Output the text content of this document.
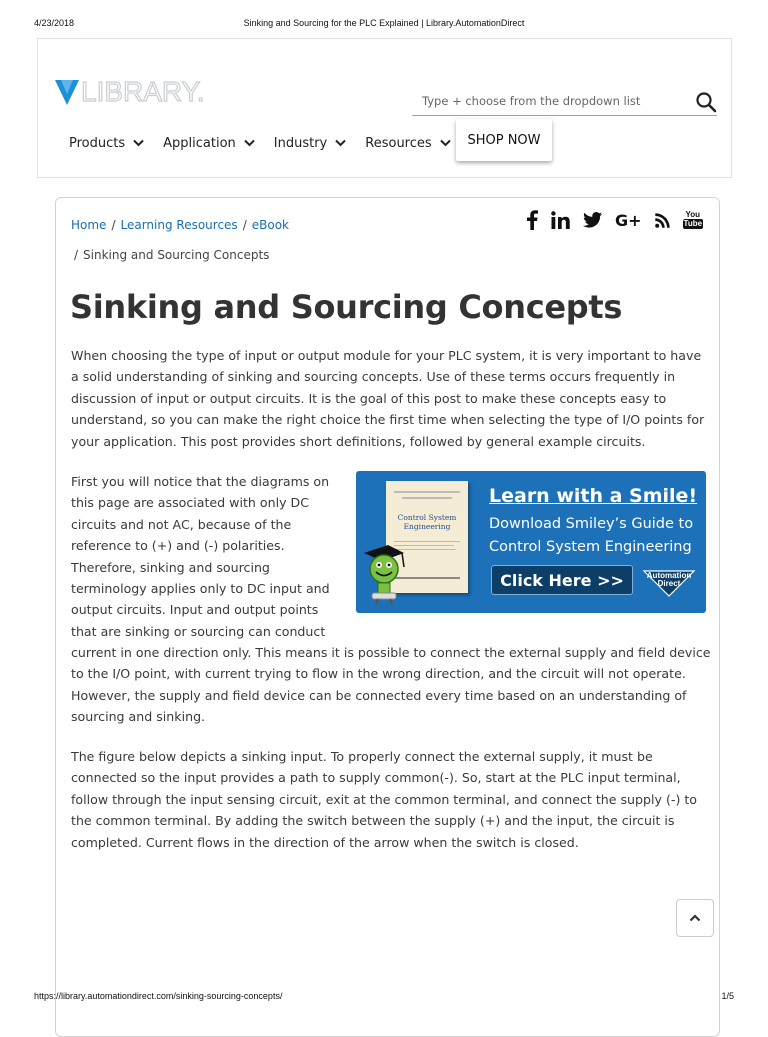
4/23/2018	Sinking and Sourcing for the PLC Explained | Library.AutomationDirect
LIBRARY.
Type + choose from the dropdown list
Products	Application	Industry	Resources	SHOP NOW
Home / Learning Resources / eBook
/ Sinking and Sourcing Concepts
G+	You
Tube
Sinking and Sourcing Concepts

When choosing the type of input or output module for your PLC system, it is very important to have a solid understanding of sinking and sourcing concepts. Use of these terms occurs frequently in discussion of input or output circuits. It is the goal of this post to make these concepts easy to understand, so you can make the right choice the first time when selecting the type of I/O points for your application. This post provides short definitions, followed by general example circuits.

First you will notice that the diagrams on this page are associated with only DC circuits and not AC, because of the reference to (+) and (-) polarities. Therefore, sinking and sourcing terminology applies only to DC input and output circuits. Input and output points that are sinking or sourcing can conduct

Control System Engineering
Learn with a Smile!
Download Smiley’s Guide to
Control System Engineering
Click Here >>	Automation
Direct

current in one direction only. This means it is possible to connect the external supply and field device to the I/O point, with current trying to flow in the wrong direction, and the circuit will not operate. However, the supply and field device can be connected every time based on an understanding of sourcing and sinking.

The figure below depicts a sinking input. To properly connect the external supply, it must be connected so the input provides a path to supply common(-). So, start at the PLC input terminal, follow through the input sensing circuit, exit at the common terminal, and connect the supply (-) to the common terminal. By adding the switch between the supply (+) and the input, the circuit is completed. Current flows in the direction of the arrow when the switch is closed.

https://library.automationdirect.com/sinking-sourcing-concepts/	1/5
